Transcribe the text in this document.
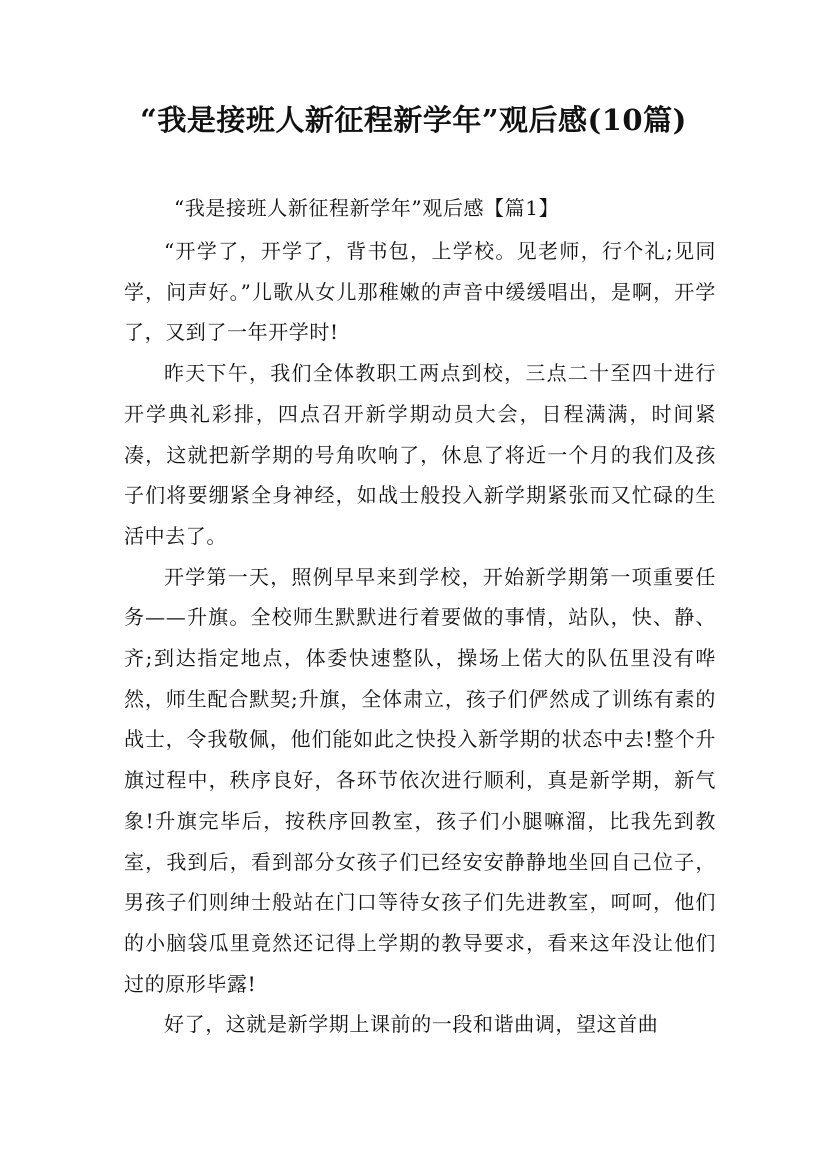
“我是接班人新征程新学年”观后感(10篇)

“我是接班人新征程新学年”观后感【篇1】

“开学了，开学了，背书包，上学校。见老师，行个礼;见同学，问声好。”儿歌从女儿那稚嫩的声音中缓缓唱出，是啊，开学了，又到了一年开学时!

昨天下午，我们全体教职工两点到校，三点二十至四十进行开学典礼彩排，四点召开新学期动员大会，日程满满，时间紧凑，这就把新学期的号角吹响了，休息了将近一个月的我们及孩子们将要绷紧全身神经，如战士般投入新学期紧张而又忙碌的生活中去了。

开学第一天，照例早早来到学校，开始新学期第一项重要任务——升旗。全校师生默默进行着要做的事情，站队，快、静、齐;到达指定地点，体委快速整队，操场上偌大的队伍里没有哗然，师生配合默契;升旗，全体肃立，孩子们俨然成了训练有素的战士，令我敬佩，他们能如此之快投入新学期的状态中去!整个升旗过程中，秩序良好，各环节依次进行顺利，真是新学期，新气象!升旗完毕后，按秩序回教室，孩子们小腿嘛溜，比我先到教室，我到后，看到部分女孩子们已经安安静静地坐回自己位子，男孩子们则绅士般站在门口等待女孩子们先进教室，呵呵，他们的小脑袋瓜里竟然还记得上学期的教导要求，看来这年没让他们过的原形毕露!

好了，这就是新学期上课前的一段和谐曲调，望这首曲
